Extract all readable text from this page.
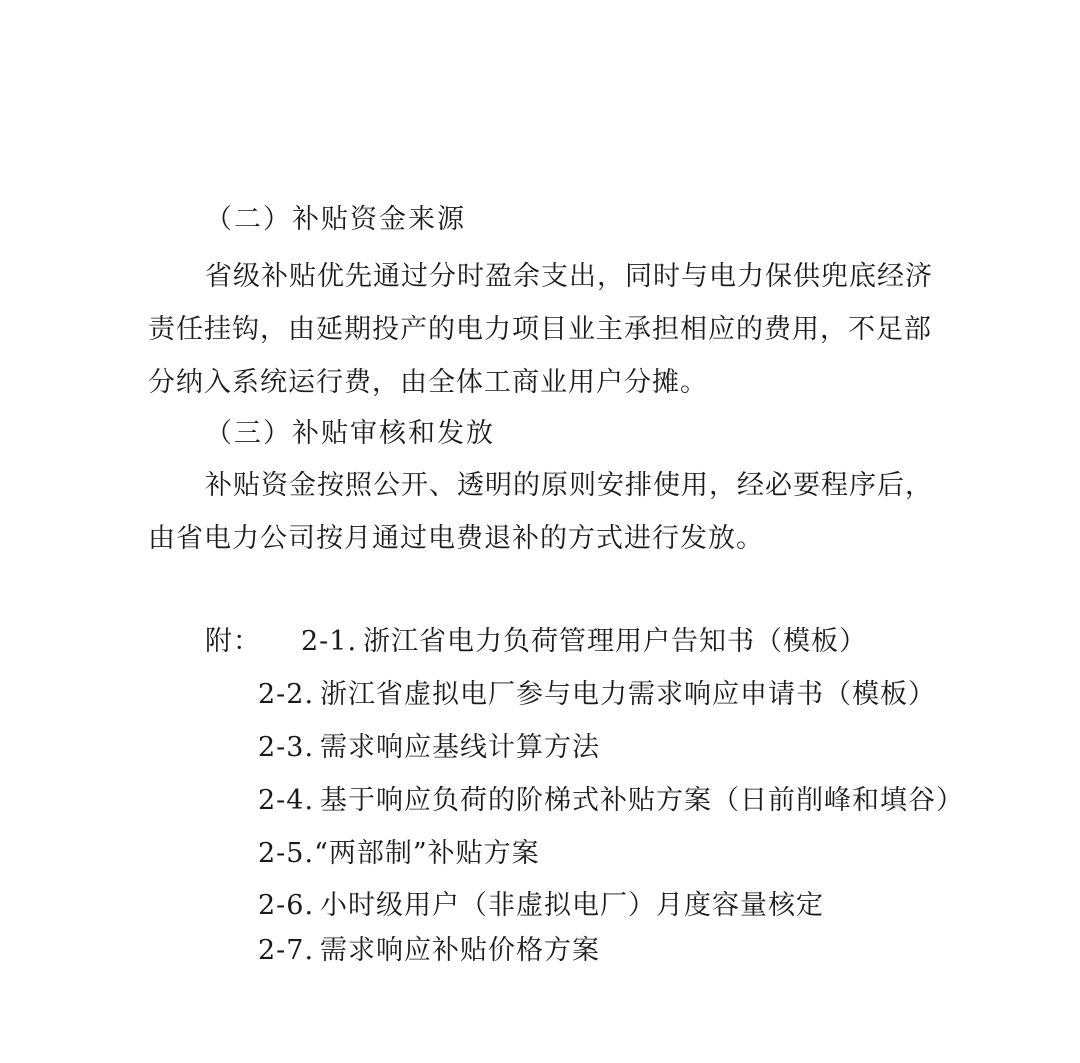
（二）补贴资金来源
省级补贴优先通过分时盈余支出，同时与电力保供兜底经济
责任挂钩，由延期投产的电力项目业主承担相应的费用，不足部
分纳入系统运行费，由全体工商业用户分摊。
（三）补贴审核和发放
补贴资金按照公开、透明的原则安排使用，经必要程序后，
由省电力公司按月通过电费退补的方式进行发放。
附： 2-1. 浙江省电力负荷管理用户告知书（模板）
2-2. 浙江省虚拟电厂参与电力需求响应申请书（模板）
2-3. 需求响应基线计算方法
2-4. 基于响应负荷的阶梯式补贴方案（日前削峰和填谷）
2-5.“两部制”补贴方案
2-6. 小时级用户（非虚拟电厂）月度容量核定
2-7. 需求响应补贴价格方案
